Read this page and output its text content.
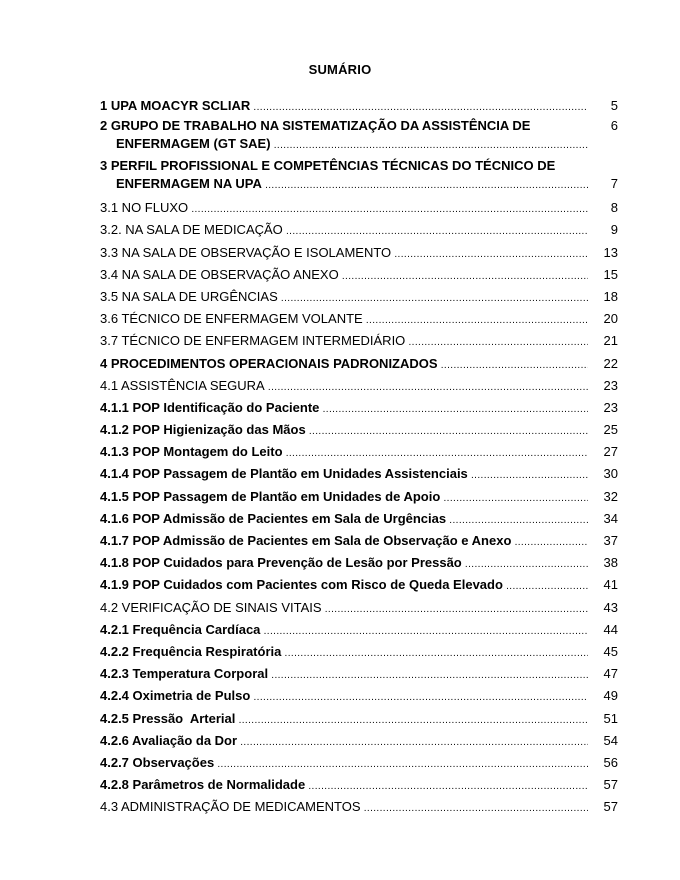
SUMÁRIO
1 UPA MOACYR SCLIAR .....	5
2 GRUPO DE TRABALHO NA SISTEMATIZAÇÃO DA ASSISTÊNCIA DE
ENFERMAGEM (GT SAE) .....
6
3 PERFIL PROFISSIONAL E COMPETÊNCIAS TÉCNICAS DO TÉCNICO DE
ENFERMAGEM NA UPA .....	7
3.1 NO FLUXO .....	8
3.2. NA SALA DE MEDICAÇÃO .....	9
3.3 NA SALA DE OBSERVAÇÃO E ISOLAMENTO .....	13
3.4 NA SALA DE OBSERVAÇÃO ANEXO .....	15
3.5 NA SALA DE URGÊNCIAS .....	18
3.6 TÉCNICO DE ENFERMAGEM VOLANTE .....	20
3.7 TÉCNICO DE ENFERMAGEM INTERMEDIÁRIO .....	21
4 PROCEDIMENTOS OPERACIONAIS PADRONIZADOS .....	22
4.1 ASSISTÊNCIA SEGURA .....	23
4.1.1 POP Identificação do Paciente .....	23
4.1.2 POP Higienização das Mãos .....	25
4.1.3 POP Montagem do Leito .....	27
4.1.4 POP Passagem de Plantão em Unidades Assistenciais .....	30
4.1.5 POP Passagem de Plantão em Unidades de Apoio .....	32
4.1.6 POP Admissão de Pacientes em Sala de Urgências .....	34
4.1.7 POP Admissão de Pacientes em Sala de Observação e Anexo .....	37
4.1.8 POP Cuidados para Prevenção de Lesão por Pressão .....	38
4.1.9 POP Cuidados com Pacientes com Risco de Queda Elevado .....	41
4.2 VERIFICAÇÃO DE SINAIS VITAIS .....	43
4.2.1 Frequência Cardíaca .....	44
4.2.2 Frequência Respiratória .....	45
4.2.3 Temperatura Corporal .....	47
4.2.4 Oximetria de Pulso .....	49
4.2.5 Pressão  Arterial .....	51
4.2.6 Avaliação da Dor .....	54
4.2.7 Observações .....	56
4.2.8 Parâmetros de Normalidade .....	57
4.3 ADMINISTRAÇÃO DE MEDICAMENTOS .....	57
